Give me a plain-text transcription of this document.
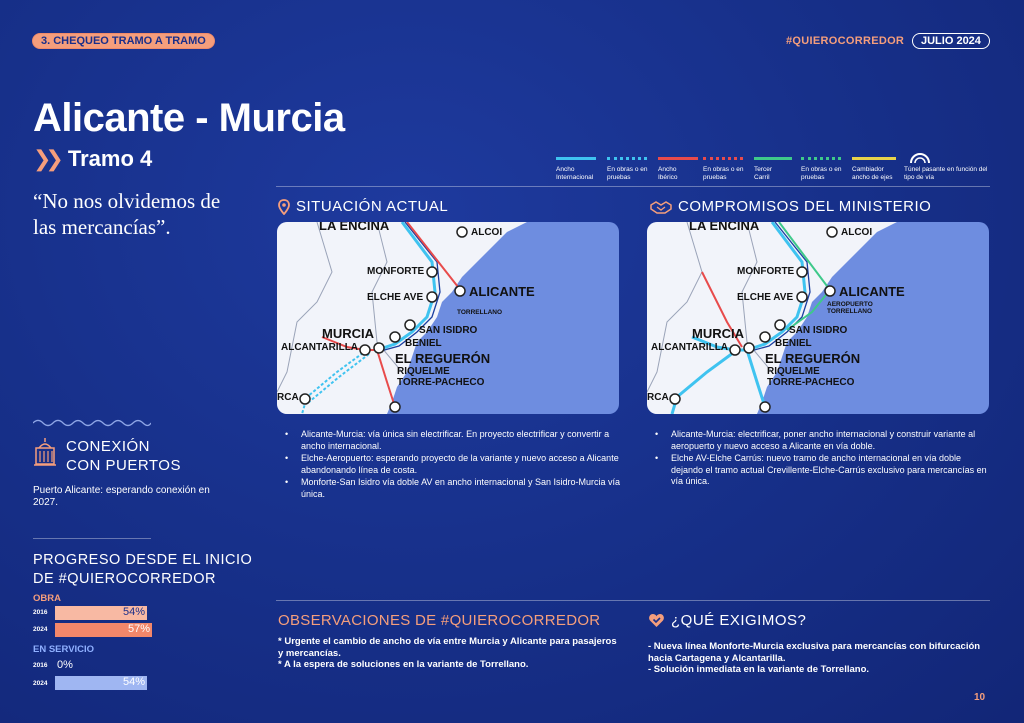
3. CHEQUEO TRAMO A TRAMO	#QUIEROCORREDOR	JULIO 2024
Alicante - Murcia
❯❯ Tramo 4
“No nos olvidemos de las mercancías”.
Ancho Internacional
En obras o en pruebas
Ancho Ibérico
En obras o en pruebas
Tercer Carril
En obras o en pruebas
Cambiador ancho de ejes
Túnel pasante en función del tipo de vía
SITUACIÓN ACTUAL
LA ENCINA	ALCOI
MONFORTE
ALICANTE
ELCHE AVE
TORRELLANO
MURCIA	SAN ISIDRO
ALCANTARILLA	BENIEL
EL REGUERÓN
RIQUELME
TORRE-PACHECO
RCA
• Alicante-Murcia: vía única sin electrificar. En proyecto electrificar y convertir a ancho internacional.
• Elche-Aeropuerto: esperando proyecto de la variante y nuevo acceso a Alicante abandonando línea de costa.
• Monforte-San Isidro vía doble AV en ancho internacional y San Isidro-Murcia vía única.
COMPROMISOS DEL MINISTERIO
LA ENCINA	ALCOI
MONFORTE
ALICANTE
ELCHE AVE
AEROPUERTO TORRELLANO
MURCIA	SAN ISIDRO
ALCANTARILLA	BENIEL
EL REGUERÓN
RIQUELME
TORRE-PACHECO
RCA
• Alicante-Murcia: electrificar, poner ancho internacional y construir variante al aeropuerto y nuevo acceso a Alicante en vía doble.
• Elche AV-Elche Carrús: nuevo tramo de ancho internacional en vía doble dejando el tramo actual Crevillente-Elche-Carrús exclusivo para mercancías en vía única.
CONEXIÓN
CON PUERTOS
Puerto Alicante: esperando conexión en 2027.
PROGRESO DESDE EL INICIO
DE #QUIEROCORREDOR
OBRA
2016	54%
2024	57%
EN SERVICIO
2016 0%
2024	54%
OBSERVACIONES DE #QUIEROCORREDOR
* Urgente el cambio de ancho de vía entre Murcia y Alicante para pasajeros y mercancías.
* A la espera de soluciones en la variante de Torrellano.
¿QUÉ EXIGIMOS?
- Nueva línea Monforte-Murcia exclusiva para mercancías con bifurcación hacia Cartagena y Alcantarilla.
- Solución inmediata en la variante de Torrellano.
10
